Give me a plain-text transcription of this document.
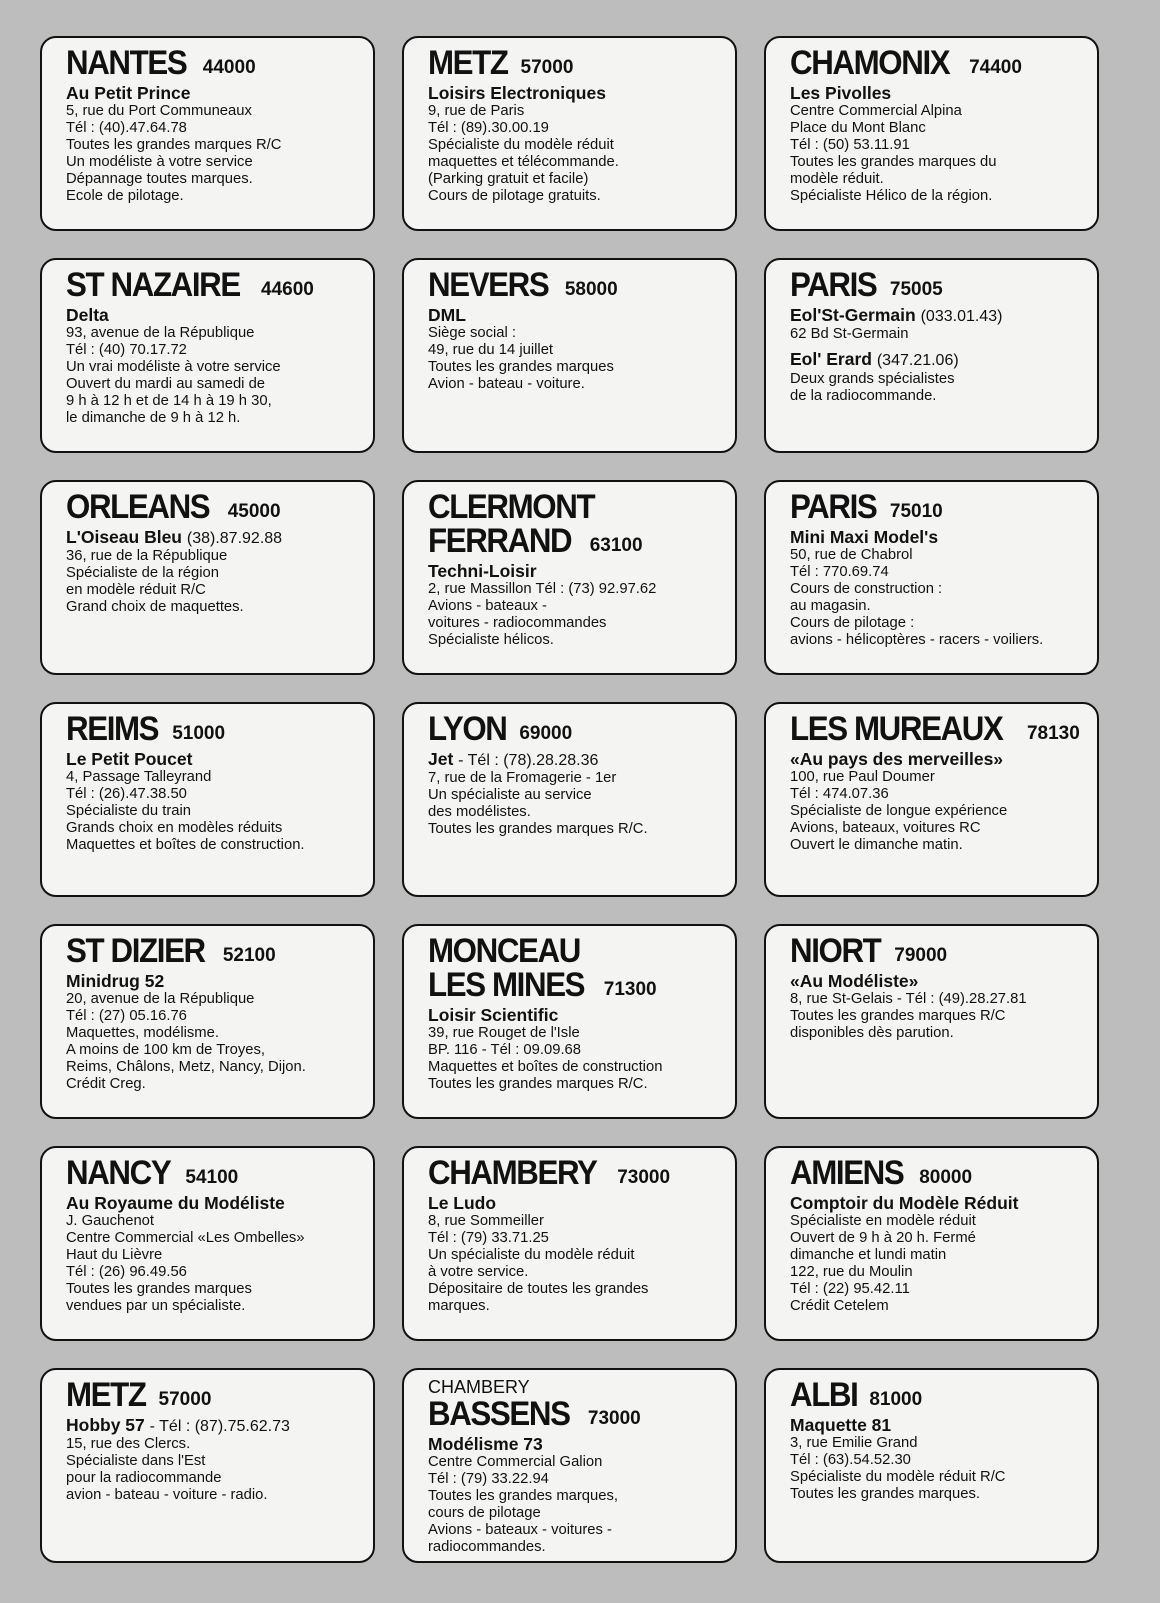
NANTES 44000
Au Petit Prince
5, rue du Port Communeaux
Tél : (40).47.64.78
Toutes les grandes marques R/C
Un modéliste à votre service
Dépannage toutes marques.
Ecole de pilotage.
METZ 57000
Loisirs Electroniques
9, rue de Paris
Tél : (89).30.00.19
Spécialiste du modèle réduit
maquettes et télécommande.
(Parking gratuit et facile)
Cours de pilotage gratuits.
CHAMONIX 74400
Les Pivolles
Centre Commercial Alpina
Place du Mont Blanc
Tél : (50) 53.11.91
Toutes les grandes marques du
modèle réduit.
Spécialiste Hélico de la région.
ST NAZAIRE 44600
Delta
93, avenue de la République
Tél : (40) 70.17.72
Un vrai modéliste à votre service
Ouvert du mardi au samedi de
9 h à 12 h et de 14 h à 19 h 30,
le dimanche de 9 h à 12 h.
NEVERS 58000
DML
Siège social :
49, rue du 14 juillet
Toutes les grandes marques
Avion - bateau - voiture.
PARIS 75005
Eol'St-Germain (033.01.43)
62 Bd St-Germain
Eol' Erard (347.21.06)
Deux grands spécialistes
de la radiocommande.
ORLEANS 45000
L'Oiseau Bleu (38).87.92.88
36, rue de la République
Spécialiste de la région
en modèle réduit R/C
Grand choix de maquettes.
CLERMONT
FERRAND 63100
Techni-Loisir
2, rue Massillon Tél : (73) 92.97.62
Avions - bateaux -
voitures - radiocommandes
Spécialiste hélicos.
PARIS 75010
Mini Maxi Model's
50, rue de Chabrol
Tél : 770.69.74
Cours de construction :
au magasin.
Cours de pilotage :
avions - hélicoptères - racers - voiliers.
REIMS 51000
Le Petit Poucet
4, Passage Talleyrand
Tél : (26).47.38.50
Spécialiste du train
Grands choix en modèles réduits
Maquettes et boîtes de construction.
LYON 69000
Jet - Tél : (78).28.28.36
7, rue de la Fromagerie - 1er
Un spécialiste au service
des modélistes.
Toutes les grandes marques R/C.
LES MUREAUX 78130
«Au pays des merveilles»
100, rue Paul Doumer
Tél : 474.07.36
Spécialiste de longue expérience
Avions, bateaux, voitures RC
Ouvert le dimanche matin.
ST DIZIER 52100
Minidrug 52
20, avenue de la République
Tél : (27) 05.16.76
Maquettes, modélisme.
A moins de 100 km de Troyes,
Reims, Châlons, Metz, Nancy, Dijon.
Crédit Creg.
MONCEAU
LES MINES 71300
Loisir Scientific
39, rue Rouget de l'Isle
BP. 116 - Tél : 09.09.68
Maquettes et boîtes de construction
Toutes les grandes marques R/C.
NIORT 79000
«Au Modéliste»
8, rue St-Gelais - Tél : (49).28.27.81
Toutes les grandes marques R/C
disponibles dès parution.
NANCY 54100
Au Royaume du Modéliste
J. Gauchenot
Centre Commercial «Les Ombelles»
Haut du Lièvre
Tél : (26) 96.49.56
Toutes les grandes marques
vendues par un spécialiste.
CHAMBERY 73000
Le Ludo
8, rue Sommeiller
Tél : (79) 33.71.25
Un spécialiste du modèle réduit
à votre service.
Dépositaire de toutes les grandes
marques.
AMIENS 80000
Comptoir du Modèle Réduit
Spécialiste en modèle réduit
Ouvert de 9 h à 20 h. Fermé
dimanche et lundi matin
122, rue du Moulin
Tél : (22) 95.42.11
Crédit Cetelem
METZ 57000
Hobby 57 - Tél : (87).75.62.73
15, rue des Clercs.
Spécialiste dans l'Est
pour la radiocommande
avion - bateau - voiture - radio.
CHAMBERY
BASSENS 73000
Modélisme 73
Centre Commercial Galion
Tél : (79) 33.22.94
Toutes les grandes marques,
cours de pilotage
Avions - bateaux - voitures -
radiocommandes.
ALBI 81000
Maquette 81
3, rue Emilie Grand
Tél : (63).54.52.30
Spécialiste du modèle réduit R/C
Toutes les grandes marques.
